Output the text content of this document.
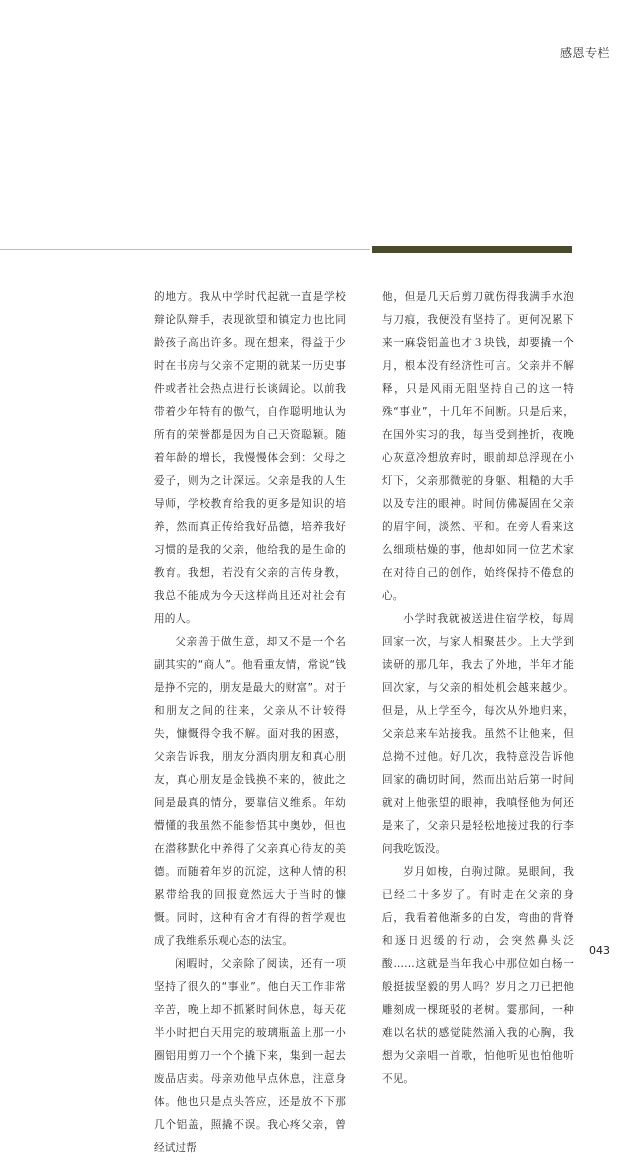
感恩专栏

的地方。我从中学时代起就一直是学校辩论队辩手，表现欲望和镇定力也比同龄孩子高出许多。现在想来，得益于少时在书房与父亲不定期的就某一历史事件或者社会热点进行长谈阔论。以前我带着少年特有的傲气，自作聪明地认为所有的荣誉都是因为自己天资聪颖。随着年龄的增长，我慢慢体会到：父母之爱子，则为之计深远。父亲是我的人生导师，学校教育给我的更多是知识的培养，然而真正传给我好品德，培养我好习惯的是我的父亲，他给我的是生命的教育。我想，若没有父亲的言传身教，我总不能成为今天这样尚且还对社会有用的人。

父亲善于做生意，却又不是一个名副其实的“商人”。他看重友情，常说“钱是挣不完的，朋友是最大的财富”。对于和朋友之间的往来，父亲从不计较得失，慷慨得令我不解。面对我的困惑，父亲告诉我，朋友分酒肉朋友和真心朋友，真心朋友是金钱换不来的，彼此之间是最真的情分，要靠信义维系。年幼懵懂的我虽然不能参悟其中奥妙，但也在潜移默化中养得了父亲真心待友的美德。而随着年岁的沉淀，这种人情的积累带给我的回报竟然远大于当时的慷慨。同时，这种有舍才有得的哲学观也成了我维系乐观心态的法宝。

闲暇时，父亲除了阅读，还有一项坚持了很久的“事业”。他白天工作非常辛苦，晚上却不抓紧时间休息，每天花半小时把白天用完的玻璃瓶盖上那一小圈铝用剪刀一个个撬下来，集到一起去废品店卖。母亲劝他早点休息，注意身体。他也只是点头答应，还是放不下那几个铝盖，照撬不误。我心疼父亲，曾经试过帮

他，但是几天后剪刀就伤得我满手水泡与刀痕，我便没有坚持了。更何况累下来一麻袋铝盖也才３块钱，却要撬一个月，根本没有经济性可言。父亲并不解释，只是风雨无阻坚持自己的这一特殊“事业”，十几年不间断。只是后来，在国外实习的我，每当受到挫折，夜晚心灰意冷想放弃时，眼前却总浮现在小灯下，父亲那微驼的身躯、粗糙的大手以及专注的眼神。时间仿佛凝固在父亲的眉宇间，淡然、平和。在旁人看来这么细琐枯燥的事，他却如同一位艺术家在对待自己的创作，始终保持不倦怠的心。

小学时我就被送进住宿学校，每周回家一次，与家人相聚甚少。上大学到读研的那几年，我去了外地，半年才能回次家，与父亲的相处机会越来越少。但是，从上学至今，每次从外地归来，父亲总来车站接我。虽然不让他来，但总拗不过他。好几次，我特意没告诉他回家的确切时间，然而出站后第一时间就对上他张望的眼神，我嗔怪他为何还是来了，父亲只是轻松地接过我的行李问我吃饭没。

岁月如梭，白驹过隙。晃眼间，我已经二十多岁了。有时走在父亲的身后，我看着他渐多的白发，弯曲的背脊和逐日迟缓的行动，会突然鼻头泛酸……这就是当年我心中那位如白杨一般挺拔坚毅的男人吗？岁月之刀已把他雕刻成一棵斑驳的老树。霎那间，一种难以名状的感觉陡然涌入我的心胸，我想为父亲唱一首歌，怕他听见也怕他听不见。

043
